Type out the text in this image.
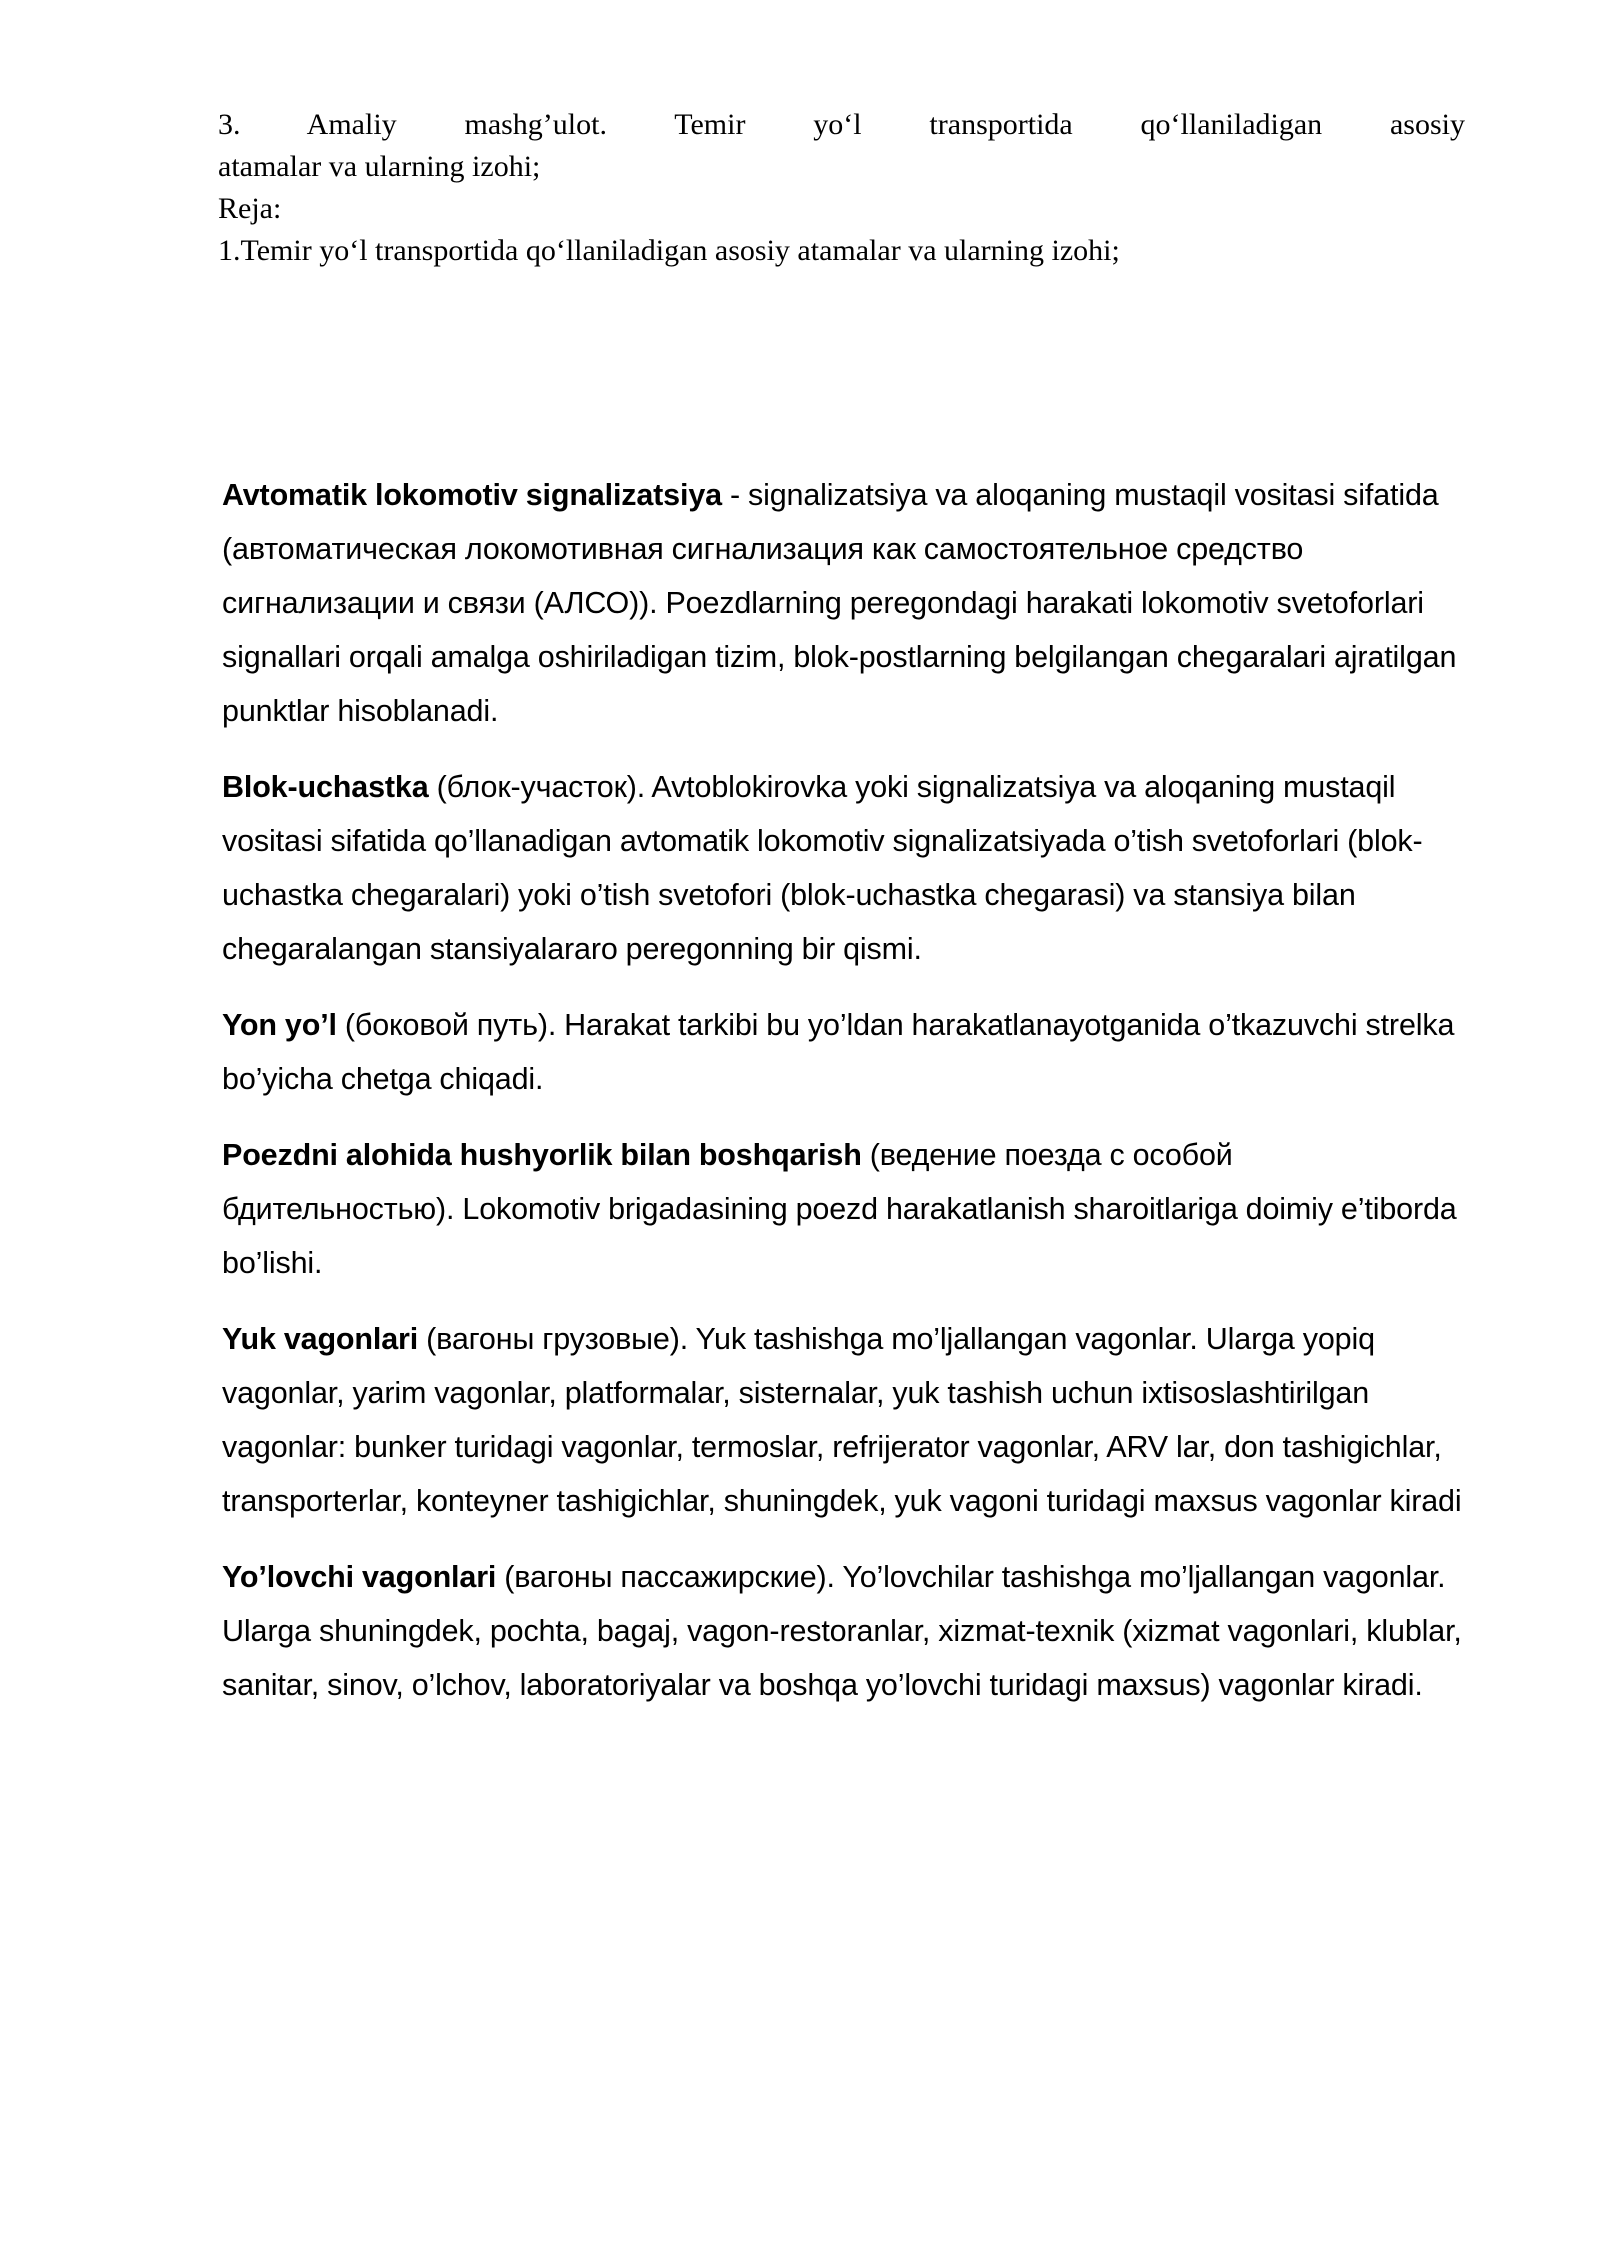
3. Amaliy mashg’ulot. Temir yo‘l transportida qo‘llaniladigan asosiy

atamalar va ularning izohi;

Reja:

1.Temir yo‘l transportida qo‘llaniladigan asosiy atamalar va ularning izohi;

Avtomatik lokomotiv signalizatsiya - signalizatsiya va aloqaning mustaqil vositasi sifatida (автоматическая локомотивная сигнализация как самостоятельное средство сигнализации и связи (АЛСО)). Poezdlarning peregondagi harakati lokomotiv svetoforlari signallari orqali amalga oshiriladigan tizim, blok-postlarning belgilangan chegaralari ajratilgan punktlar hisoblanadi.

Blok-uchastka (блок-участок). Avtoblokirovka yoki signalizatsiya va aloqaning mustaqil vositasi sifatida qo’llanadigan avtomatik lokomotiv signalizatsiyada o’tish svetoforlari (blok-uchastka chegaralari) yoki o’tish svetofori (blok-uchastka chegarasi) va stansiya bilan chegaralangan stansiyalararo peregonning bir qismi.

Yon yo’l (боковой путь). Harakat tarkibi bu yo’ldan harakatlanayotganida o’tkazuvchi strelka bo’yicha chetga chiqadi.

Poezdni alohida hushyorlik bilan boshqarish (ведение поезда с особой бдительностью). Lokomotiv brigadasining poezd harakatlanish sharoitlariga doimiy e’tiborda bo’lishi.

Yuk vagonlari (вагоны грузовые). Yuk tashishga mo’ljallangan vagonlar. Ularga yopiq vagonlar, yarim vagonlar, platformalar, sisternalar, yuk tashish uchun ixtisoslashtirilgan vagonlar: bunker turidagi vagonlar, termoslar, refrijerator vagonlar, ARV lar, don tashigichlar, transporterlar, konteyner tashigichlar, shuningdek, yuk vagoni turidagi maxsus vagonlar kiradi

Yo’lovchi vagonlari (вагоны пассажирские). Yo’lovchilar tashishga mo’ljallangan vagonlar. Ularga shuningdek, pochta, bagaj, vagon-restoranlar, xizmat-texnik (xizmat vagonlari, klublar, sanitar, sinov, o’lchov, laboratoriyalar va boshqa yo’lovchi turidagi maxsus) vagonlar kiradi.
